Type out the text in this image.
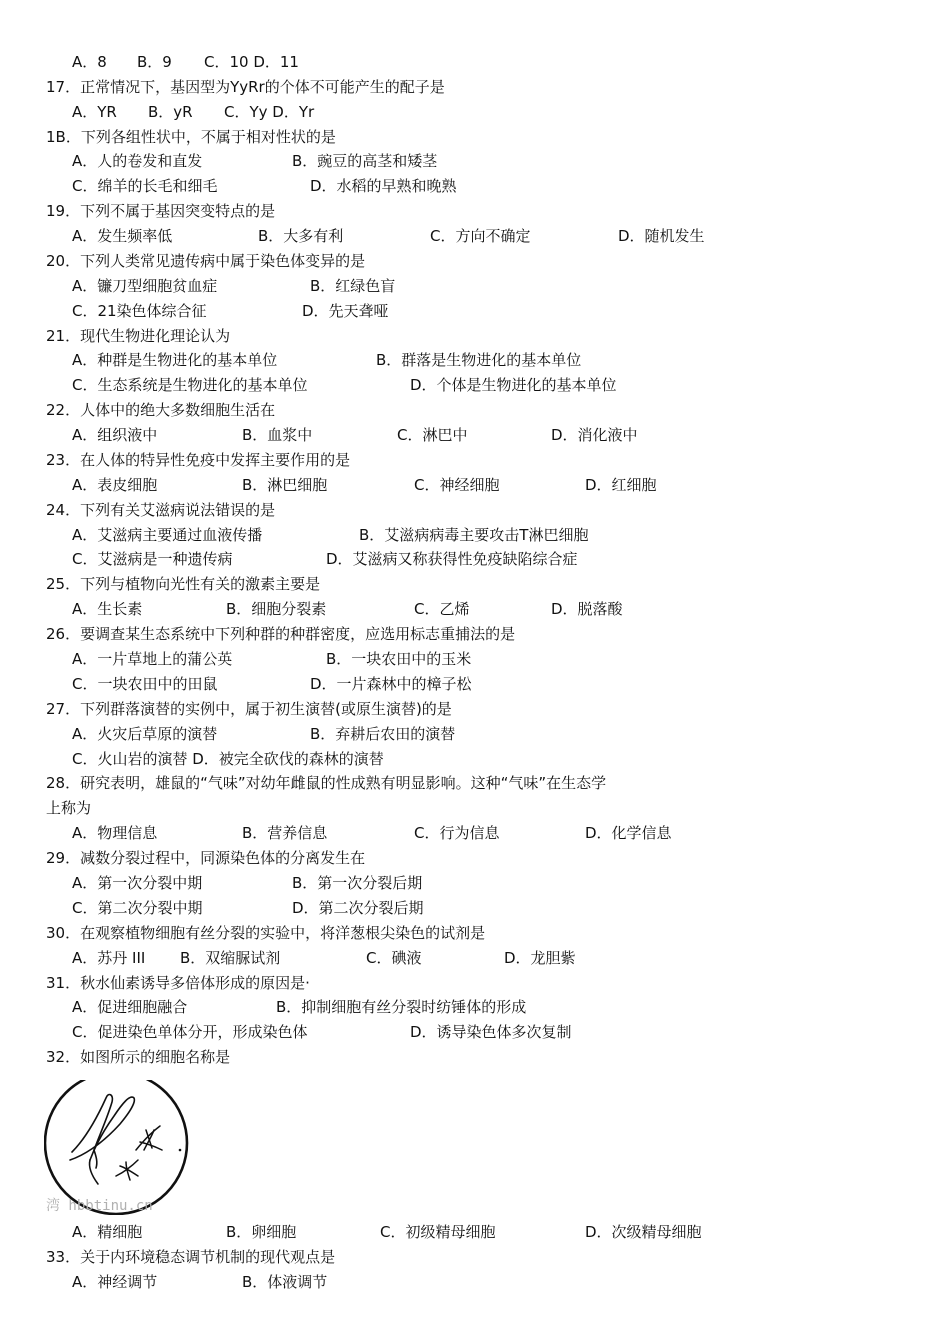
A．8 B．9 C．10 D．11
17．正常情况下，基因型为YyRr的个体不可能产生的配子是
A．YR B．yR C．Yy D．Yr
1B．下列各组性状中，不属于相对性状的是
A．人的卷发和直发	B．豌豆的高茎和矮茎
C．绵羊的长毛和细毛	D．水稻的早熟和晚熟
19．下列不属于基因突变特点的是
A．发生频率低	B．大多有利	C．方向不确定	D．随机发生
20．下列人类常见遗传病中属于染色体变异的是
A．镰刀型细胞贫血症	B．红绿色盲
C．21染色体综合征	D．先天聋哑
21．现代生物进化理论认为
A．种群是生物进化的基本单位	B．群落是生物进化的基本单位
C．生态系统是生物进化的基本单位	D．个体是生物进化的基本单位
22．人体中的绝大多数细胞生活在
A．组织液中	B．血浆中	C．淋巴中	D．消化液中
23．在人体的特异性免疫中发挥主要作用的是
A．表皮细胞	B．淋巴细胞	C．神经细胞	D．红细胞
24．下列有关艾滋病说法错误的是
A．艾滋病主要通过血液传播	B．艾滋病病毒主要攻击T淋巴细胞
C．艾滋病是一种遗传病	D．艾滋病又称获得性免疫缺陷综合症
25．下列与植物向光性有关的激素主要是
A．生长素	B．细胞分裂素	C．乙烯	D．脱落酸
26．要调查某生态系统中下列种群的种群密度，应选用标志重捕法的是
A．一片草地上的蒲公英	B．一块农田中的玉米
C．一块农田中的田鼠	D．一片森林中的樟子松
27．下列群落演替的实例中，属于初生演替(或原生演替)的是
A．火灾后草原的演替	B．弃耕后农田的演替
C．火山岩的演替 D．被完全砍伐的森林的演替
28．研究表明，雄鼠的“气味”对幼年雌鼠的性成熟有明显影响。这种“气味”在生态学
上称为
A．物理信息	B．营养信息	C．行为信息	D．化学信息
29．减数分裂过程中，同源染色体的分离发生在
A．第一次分裂中期	B．第一次分裂后期
C．第二次分裂中期	D．第二次分裂后期
30．在观察植物细胞有丝分裂的实验中，将洋葱根尖染色的试剂是
A．苏丹 III B．双缩脲试剂	C．碘液	D．龙胆紫
31．秋水仙素诱导多倍体形成的原因是·
A．促进细胞融合	B．抑制细胞有丝分裂时纺锤体的形成
C．促进染色单体分开，形成染色体	D．诱导染色体多次复制
32．如图所示的细胞名称是
A．精细胞	B．卵细胞	C．初级精母细胞	D．次级精母细胞
33．关于内环境稳态调节机制的现代观点是
A．神经调节	B．体液调节
湾 hbbtinu.cn
